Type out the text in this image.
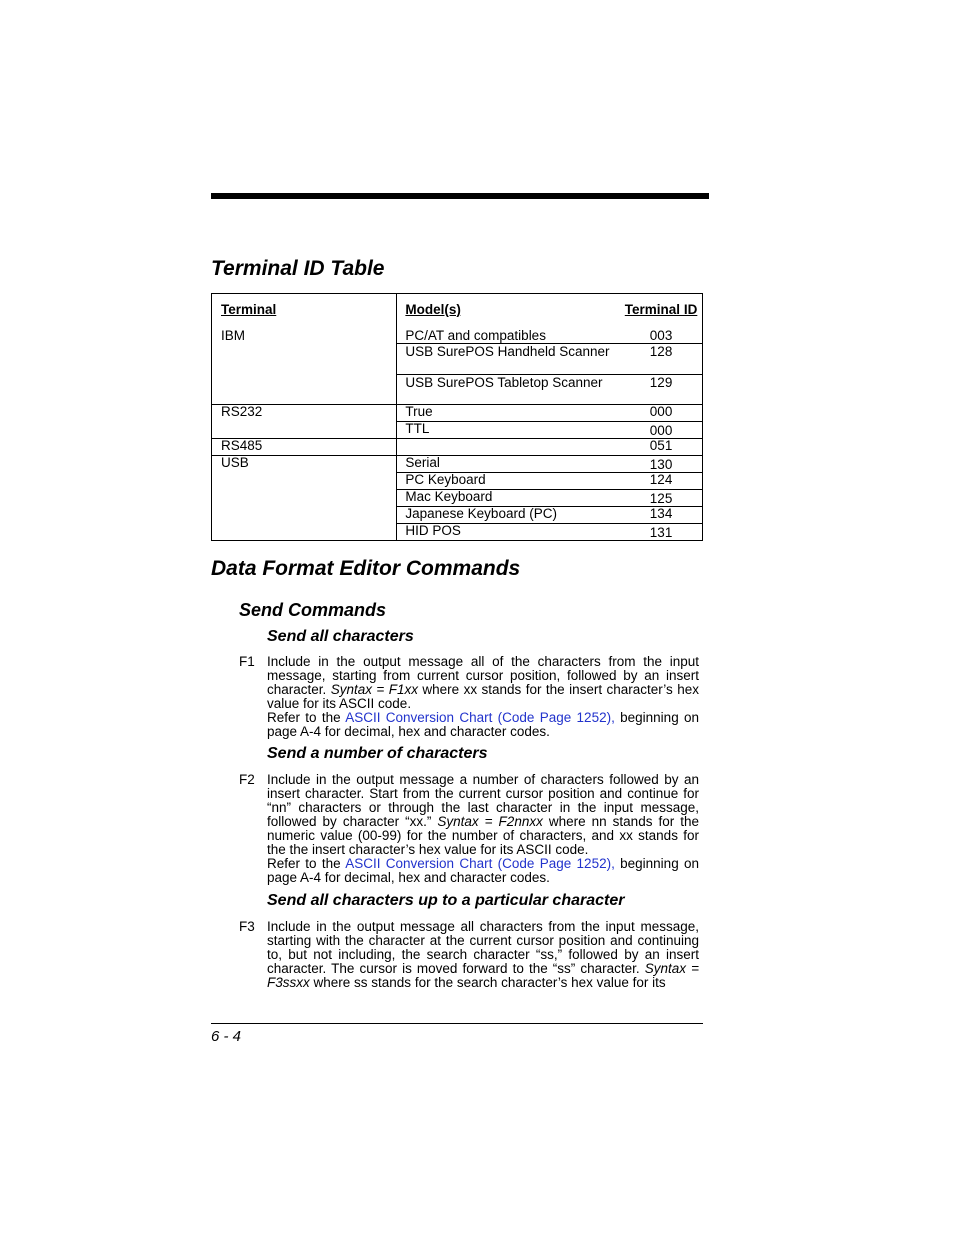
Terminal ID Table
Terminal	Model(s)	Terminal ID
IBM	PC/AT and compatibles	003
	USB SurePOS Handheld Scanner	128
	USB SurePOS Tabletop Scanner	129
RS232	True	000
	TTL	000
RS485		051
USB	Serial	130
	PC Keyboard	124
	Mac Keyboard	125
	Japanese Keyboard (PC)	134
	HID POS	131
Data Format Editor Commands
Send Commands
Send all characters
F1 Include in the output message all of the characters from the input message, starting from current cursor position, followed by an insert character. Syntax = F1xx where xx stands for the insert character’s hex value for its ASCII code.

Refer to the ASCII Conversion Chart (Code Page 1252), beginning on page A-4 for decimal, hex and character codes.

Send a number of characters
F2 Include in the output message a number of characters followed by an insert character. Start from the current cursor position and continue for “nn” characters or through the last character in the input message, followed by character “xx.” Syntax = F2nnxx where nn stands for the numeric value (00-99) for the number of characters, and xx stands for the the insert character’s hex value for its ASCII code.

Refer to the ASCII Conversion Chart (Code Page 1252), beginning on page A-4 for decimal, hex and character codes.

Send all characters up to a particular character
F3 Include in the output message all characters from the input message, starting with the character at the current cursor position and continuing to, but not including, the search character “ss,” followed by an insert character. The cursor is moved forward to the “ss” character. Syntax = F3ssxx where ss stands for the search character’s hex value for its

6 - 4
